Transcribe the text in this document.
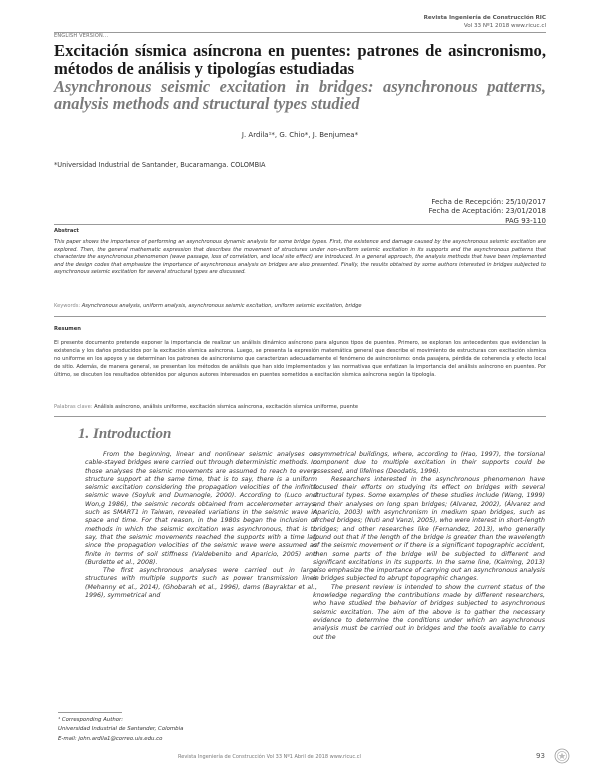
Revista Ingeniería de Construcción RIC
Vol 33 Nº1 2018 www.ricuc.cl
ENGLISH VERSION...
Excitación sísmica asíncrona en puentes: patrones de asincronismo, métodos de análisis y tipologías estudiadas
Asynchronous seismic excitation in bridges: asynchronous patterns, analysis methods and structural types studied
J. Ardila¹*, G. Chio*, J. Benjumea*
*Universidad Industrial de Santander, Bucaramanga. COLOMBIA
Fecha de Recepción: 25/10/2017
Fecha de Aceptación: 23/01/2018
PAG 93-110
Abstract
This paper shows the importance of performing an asynchronous dynamic analysis for some bridge types. First, the existence and damage caused by the asynchronous seismic excitation are explored. Then, the general mathematic expression that describes the movement of structures under non-uniform seismic excitation in its supports and the asynchronous patterns that characterize the asynchronous phenomenon (wave passage, loss of correlation, and local site effect) are introduced. In a general approach, the analysis methods that have been implemented and the design codes that emphasize the importance of asynchronous analysis on bridges are also presented. Finally, the results obtained by some authors interested in bridges subjected to asynchronous seismic excitation for several structural types are discussed.
Keywords: Asynchronous analysis, uniform analysis, asynchronous seismic excitation, uniform seismic excitation, bridge
Resumen
El presente documento pretende exponer la importancia de realizar un análisis dinámico asíncrono para algunos tipos de puentes. Primero, se exploran los antecedentes que evidencian la existencia y los daños producidos por la excitación sísmica asíncrona. Luego, se presenta la expresión matemática general que describe el movimiento de estructuras con excitación sísmica no uniforme en los apoyos y se determinan los patrones de asincronismo que caracterizan adecuadamente el fenómeno de asincronismo: onda pasajera, pérdida de coherencia y efecto local de sitio. Además, de manera general, se presentan los métodos de análisis que han sido implementados y las normativas que enfatizan la importancia del análisis asíncrono en puentes. Por último, se discuten los resultados obtenidos por algunos autores interesados en puentes sometidos a excitación sísmica asíncrona según la tipología.
Palabras clave: Análisis asíncrono, análisis uniforme, excitación sísmica asíncrona, excitación sísmica uniforme, puente
1. Introduction

From the beginning, linear and nonlinear seismic analyses on cable-stayed bridges were carried out through deterministic methods. In those analyses the seismic movements are assumed to reach to every structure support at the same time, that is to say, there is a uniform seismic excitation considering the propagation velocities of the infinite seismic wave (Soyluk and Dumanogle, 2000). According to (Luco and Won,g 1986), the seismic records obtained from accelerometer arrays, such as SMART1 in Taiwan, revealed variations in the seismic wave in space and time. For that reason, in the 1980s began the inclusion of methods in which the seismic excitation was asynchronous, that is to say, that the seismic movements reached the supports with a time lag since the propagation velocities of the seismic wave were assumed as finite in terms of soil stiffness (Valdebenito and Aparicio, 2005) and (Burdette et al., 2008).

The first asynchronous analyses were carried out in large structures with multiple supports such as power transmission lines (Mehanny et al., 2014), (Ghobarah et al., 1996), dams (Bayraktar et al., 1996), symmetrical and

asymmetrical buildings, where, according to (Hao, 1997), the torsional component due to multiple excitation in their supports could be assessed, and lifelines (Deodatis, 1996).

Researchers interested in the asynchronous phenomenon have focused their efforts on studying its effect on bridges with several structural types. Some examples of these studies include (Wang, 1999) and their analyses on long span bridges; (Alvarez, 2002), (Álvarez and Aparicio, 2003) with asynchronism in medium span bridges, such as arched bridges; (Nuti and Vanzi, 2005), who were interest in short-length bridges; and other researches like (Fernandez, 2013), who generally found out that if the length of the bridge is greater than the wavelength of the seismic movement or if there is a significant topographic accident, then some parts of the bridge will be subjected to different and significant excitations in its supports. In the same line, (Kaiming, 2013) also emphasize the importance of carrying out an asynchronous analysis in bridges subjected to abrupt topographic changes.

The present review is intended to show the current status of the knowledge regarding the contributions made by different researchers, who have studied the behavior of bridges subjected to asynchronous seismic excitation. The aim of the above is to gather the necessary evidence to determine the conditions under which an asynchronous analysis must be carried out in bridges and the tools available to carry out the

¹ Corresponding Author:
Universidad Industrial de Santander, Colombia
E-mail: john.ardila1@correo.uis.edu.co
Revista Ingeniería de Construcción Vol 33 Nº1 Abril de 2018 www.ricuc.cl	93
